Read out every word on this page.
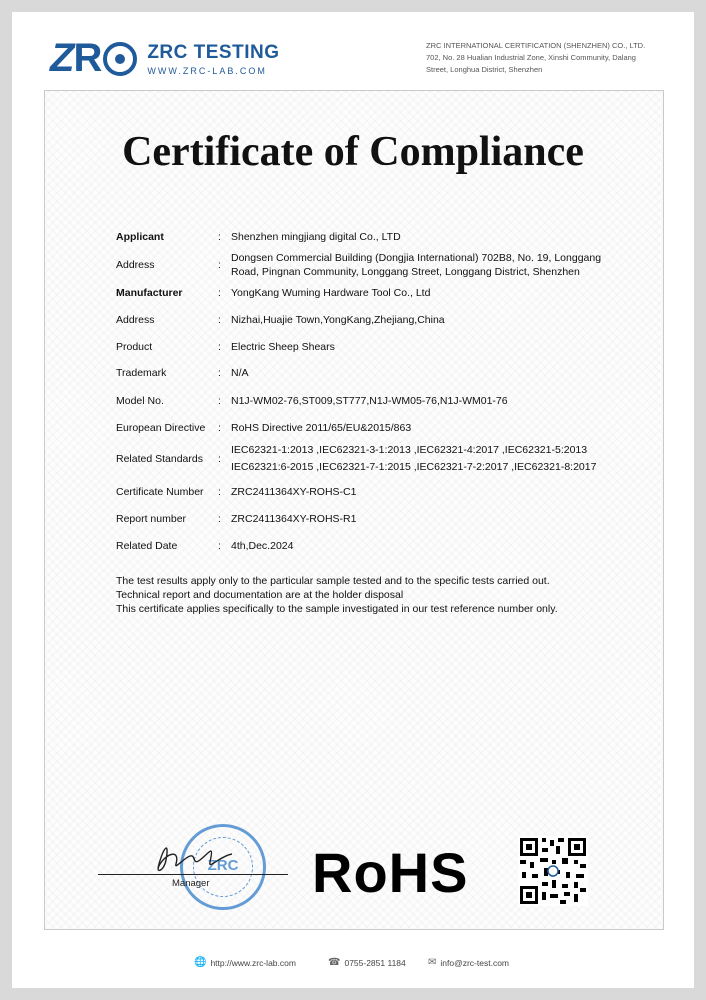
Z R ZRC TESTING
WWW.ZRC-LAB.COM
ZRC INTERNATIONAL CERTIFICATION (SHENZHEN) CO., LTD.
702, No. 28 Hualian Industrial Zone, Xinshi Community, Dalang
Street, Longhua District, Shenzhen
Certificate of Compliance
Applicant	: Shenzhen mingjiang digital Co., LTD
Address	:
Dongsen Commercial Building (Dongjia International) 702B8, No. 19, Longgang
Road, Pingnan Community, Longgang Street, Longgang District, Shenzhen
Manufacturer	: YongKang Wuming Hardware Tool Co., Ltd
Address	: Nizhai,Huajie Town,YongKang,Zhejiang,China
Product	: Electric Sheep Shears
Trademark	: N/A
Model No.	: N1J-WM02-76,ST009,ST777,N1J-WM05-76,N1J-WM01-76
European Directive	: RoHS Directive 2011/65/EU&2015/863
Related Standards	:
IEC62321-1:2013 ,IEC62321-3-1:2013 ,IEC62321-4:2017 ,IEC62321-5:2013
IEC62321:6-2015 ,IEC62321-7-1:2015 ,IEC62321-7-2:2017 ,IEC62321-8:2017
Certificate Number	: ZRC2411364XY-ROHS-C1
Report number	: ZRC2411364XY-ROHS-R1
Related Date	: 4th,Dec.2024
The test results apply only to the particular sample tested and to the specific tests carried out.
Technical report and documentation are at the holder disposal
This certificate applies specifically to the sample investigated in our test reference number only.
ZRC
Manager RoHS
🌐 http://www.zrc-lab.com	☎ 0755-2851 1184 ✉ info@zrc-test.com
